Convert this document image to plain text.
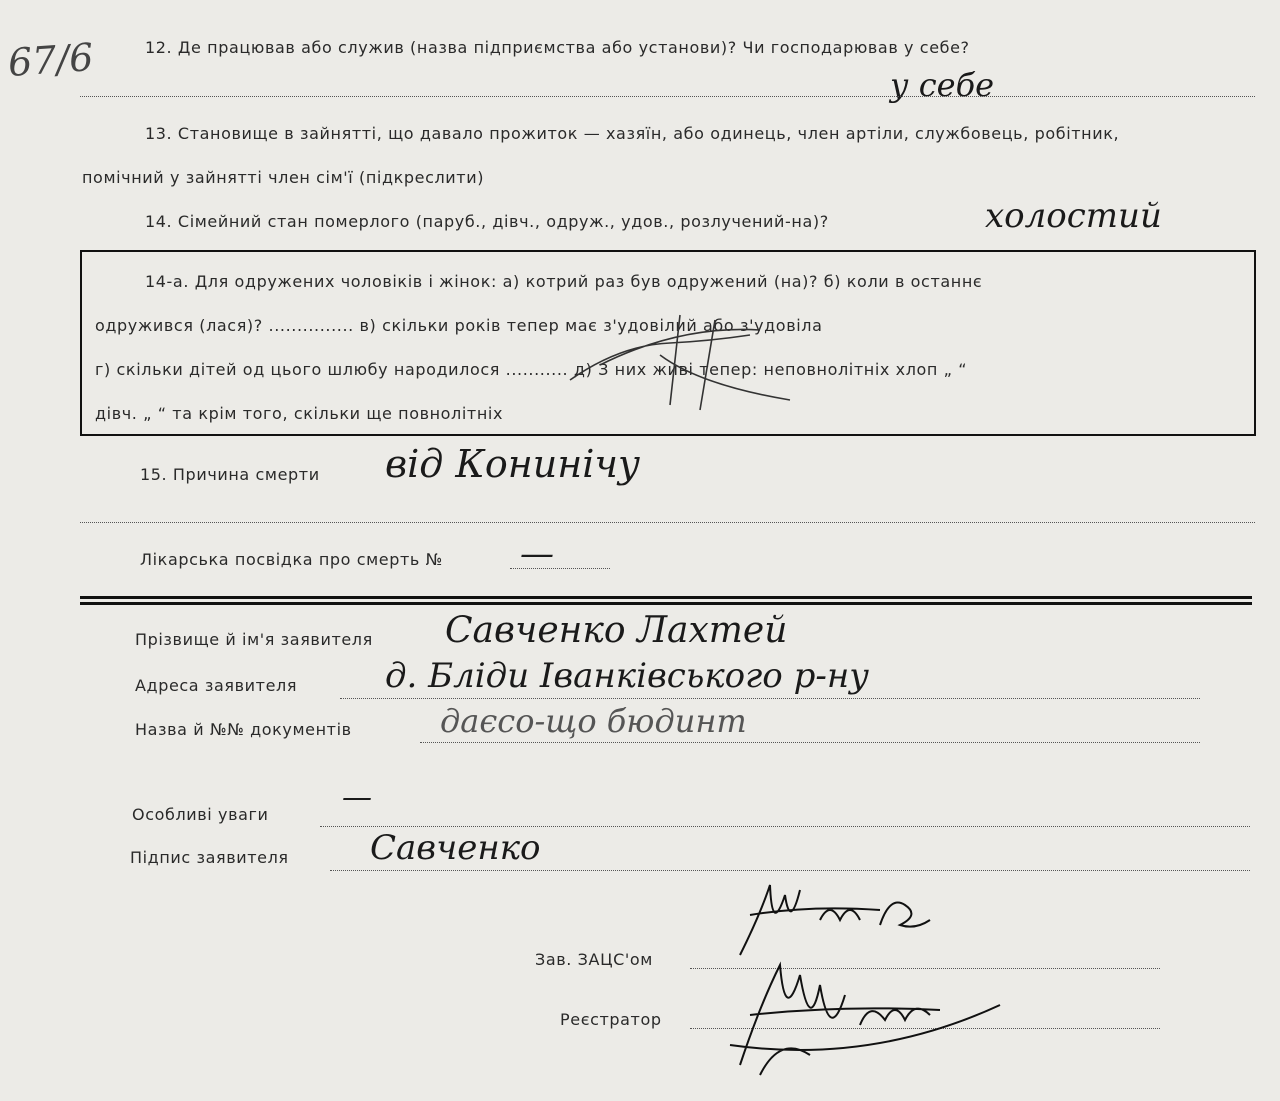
67/6	12. Де працював або служив (назва підприємства або установи)? Чи господарював у себе?
у себе
13. Становище в зайнятті, що давало прожиток — хазяїн, або одинець, член артіли, службовець, робітник,
помічний у зайнятті член сім'ї (підкреслити)
14. Сімейний стан померлого (паруб., дівч., одруж., удов., розлучений-на)?	холостий
14-а. Для одружених чоловіків і жінок: а) котрий раз був одружений (на)? б) коли в останнє
одружився (лася)? ............... в) скільки років тепер має з'удовілий або з'удовіла
г) скільки дітей од цього шлюбу народилося ........... д) З них живі тепер: неповнолітніх хлоп „ “
дівч. „ “ та крім того, скільки ще повнолітніх
15. Причина смерти від Конинічу
Лікарська посвідка про смерть № —
Прізвище й ім'я заявителя Савченко Лахтей
Адреса заявителя	д. Бліди Іванківського р-ну
Назва й №№ документів	даєсо-що бюдинт
Особливі уваги —
Підпис заявителя Савченко
Зав. ЗАЦС'ом
Реєстратор
